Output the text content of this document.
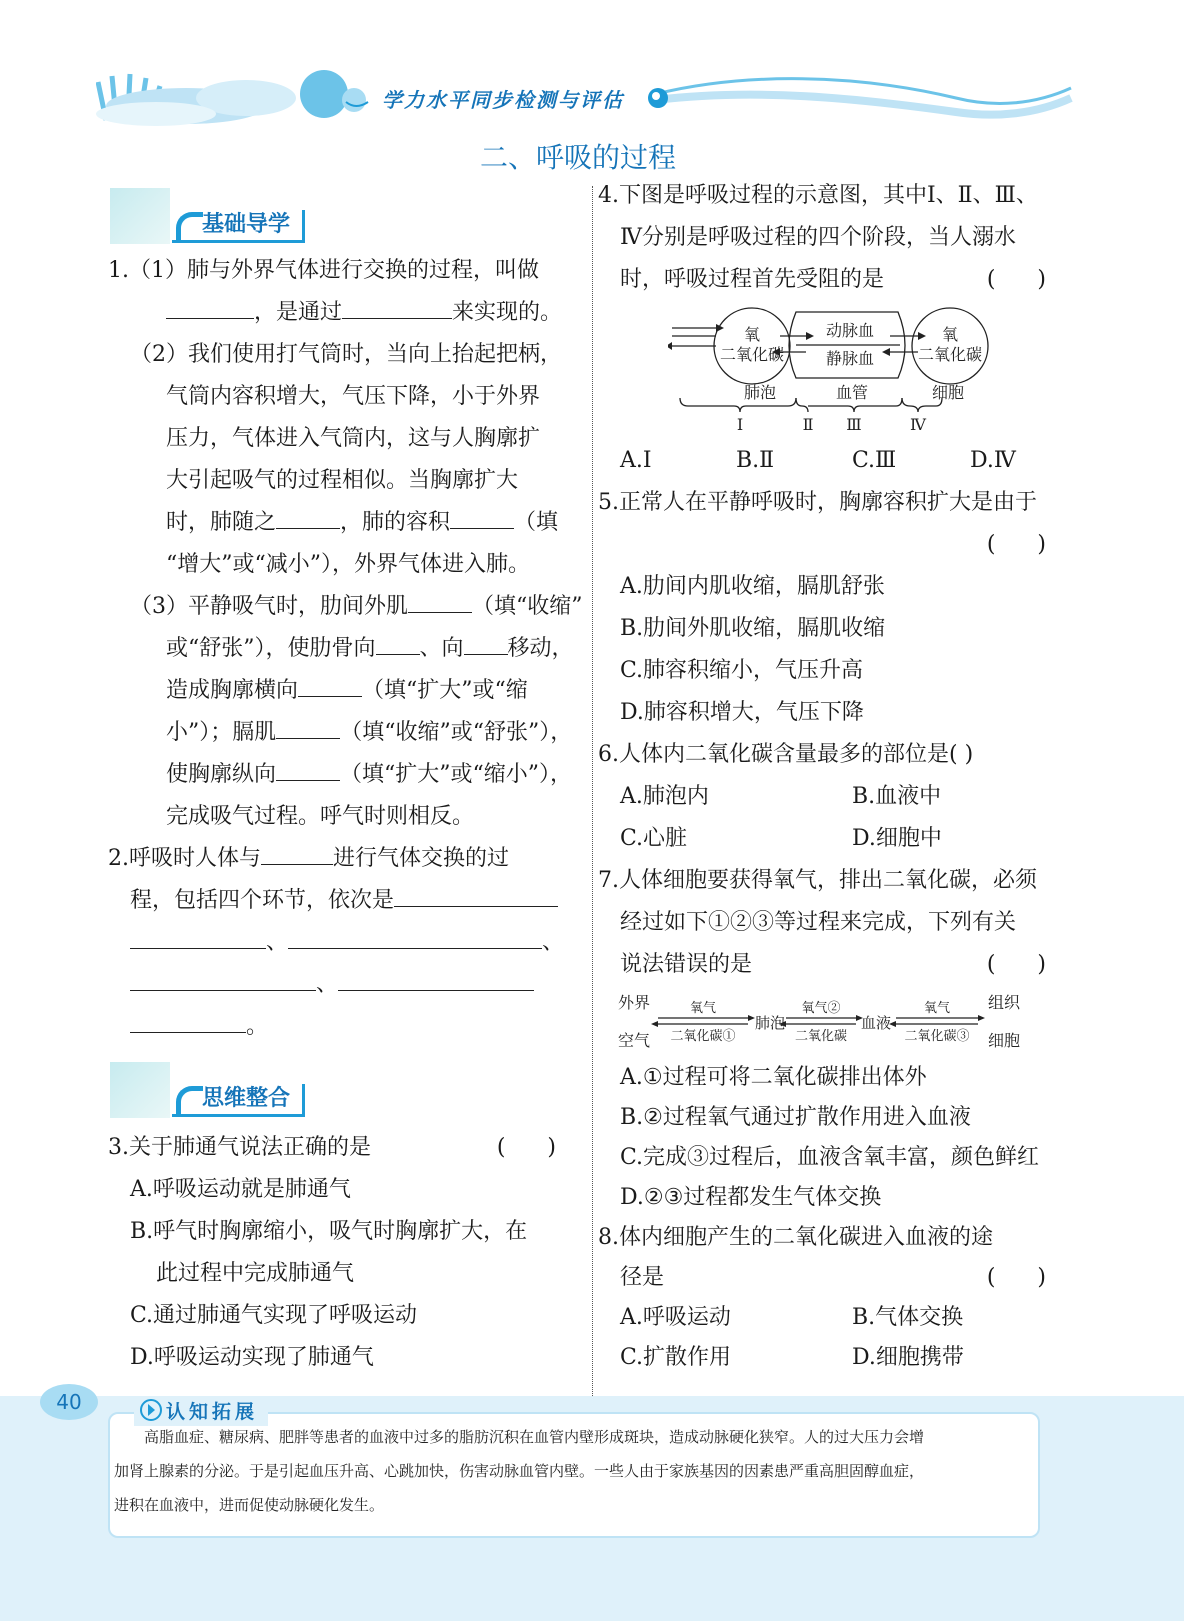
学力水平同步检测与评估
二、呼吸的过程
基础导学
1.（1）肺与外界气体进行交换的过程，叫做
，是通过	来实现的。
（2）我们使用打气筒时，当向上抬起把柄，
气筒内容积增大，气压下降，小于外界
压力，气体进入气筒内，这与人胸廓扩
大引起吸气的过程相似。当胸廓扩大
时，肺随之	，肺的容积	（填
“增大”或“减小”），外界气体进入肺。
（3）平静吸气时，肋间外肌	（填“收缩”
或“舒张”），使肋骨向 、向 移动，
造成胸廓横向	（填“扩大”或“缩
小”）；膈肌	（填“收缩”或“舒张”），
使胸廓纵向	（填“扩大”或“缩小”），
完成吸气过程。呼气时则相反。
2.呼吸时人体与	进行气体交换的过
程，包括四个环节，依次是
、	、
、
。
思维整合
3.关于肺通气说法正确的是	(      )
A.呼吸运动就是肺通气
B.呼气时胸廓缩小，吸气时胸廓扩大，在
此过程中完成肺通气
C.通过肺通气实现了呼吸运动
D.呼吸运动实现了肺通气
4.下图是呼吸过程的示意图，其中Ⅰ、Ⅱ、Ⅲ、
Ⅳ分别是呼吸过程的四个阶段，当人溺水
时，呼吸过程首先受阻的是	(      )
氧
二氧化碳
动脉血
静脉血
氧
二氧化碳
肺泡	血管	细胞
Ⅰ	Ⅱ Ⅲ	Ⅳ
A.Ⅰ	B.Ⅱ	C.Ⅲ	D.Ⅳ
5.正常人在平静呼吸时，胸廓容积扩大是由于
(      )
A.肋间内肌收缩，膈肌舒张
B.肋间外肌收缩，膈肌收缩
C.肺容积缩小，气压升高
D.肺容积增大，气压下降
6.人体内二氧化碳含量最多的部位是( )
A.肺泡内	B.血液中
C.心脏	D.细胞中
7.人体细胞要获得氧气，排出二氧化碳，必须
经过如下①②③等过程来完成，下列有关
说法错误的是	(      )
外界
空气
氧气
二氧化碳①
肺泡
氧气②
二氧化碳
血液
氧气
二氧化碳③
组织
细胞
A.①过程可将二氧化碳排出体外
B.②过程氧气通过扩散作用进入血液
C.完成③过程后，血液含氧丰富，颜色鲜红
D.②③过程都发生气体交换
8.体内细胞产生的二氧化碳进入血液的途
径是	(      )
A.呼吸运动	B.气体交换
C.扩散作用	D.细胞携带
40	认知拓展
高脂血症、糖尿病、肥胖等患者的血液中过多的脂肪沉积在血管内壁形成斑块，造成动脉硬化狭窄。人的过大压力会增
加肾上腺素的分泌。于是引起血压升高、心跳加快，伤害动脉血管内壁。一些人由于家族基因的因素患严重高胆固醇血症，
进积在血液中，进而促使动脉硬化发生。
